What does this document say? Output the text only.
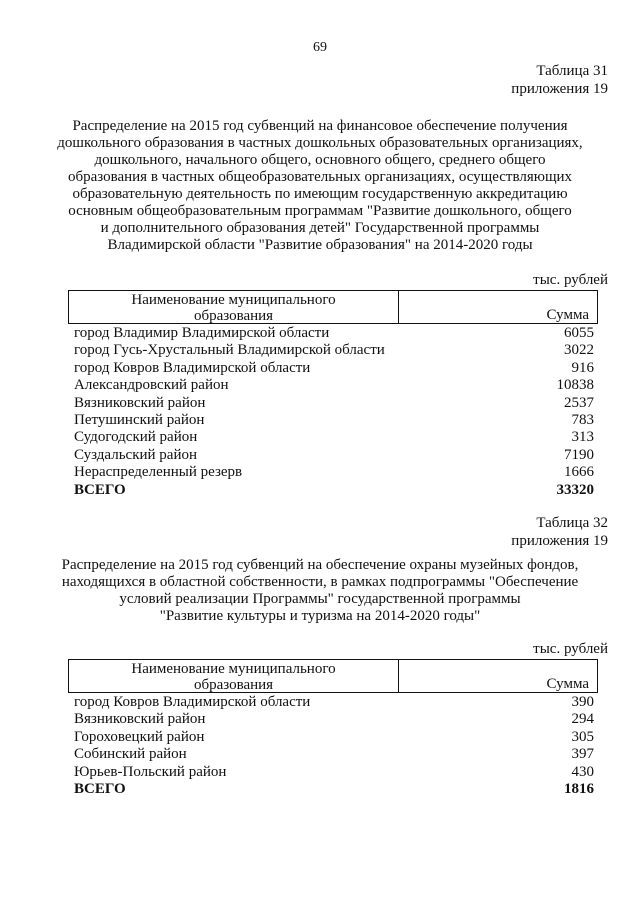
69
Таблица 31
приложения 19
Распределение на 2015 год субвенций на финансовое обеспечение получения
дошкольного образования в частных дошкольных образовательных организациях,
дошкольного, начального общего, основного общего, среднего общего
образования в частных общеобразовательных организациях, осуществляющих
образовательную деятельность по имеющим государственную аккредитацию
основным общеобразовательным программам "Развитие дошкольного, общего
и дополнительного образования детей" Государственной программы
Владимирской области "Развитие образования" на 2014-2020 годы
тыс. рублей
Наименование муниципального
образования	Сумма
город Владимир Владимирской области	6055
город Гусь-Хрустальный Владимирской области	3022
город Ковров Владимирской области	916
Александровский район	10838
Вязниковский район	2537
Петушинский район	783
Судогодский район	313
Суздальский район	7190
Нераспределенный резерв	1666
ВСЕГО	33320
Таблица 32
приложения 19
Распределение на 2015 год субвенций на обеспечение охраны музейных фондов,
находящихся в областной собственности, в рамках подпрограммы "Обеспечение
условий реализации Программы" государственной программы
"Развитие культуры и туризма на 2014-2020 годы"
тыс. рублей
Наименование муниципального
образования	Сумма
город Ковров Владимирской области	390
Вязниковский район	294
Гороховецкий район	305
Собинский район	397
Юрьев-Польский район	430
ВСЕГО	1816
